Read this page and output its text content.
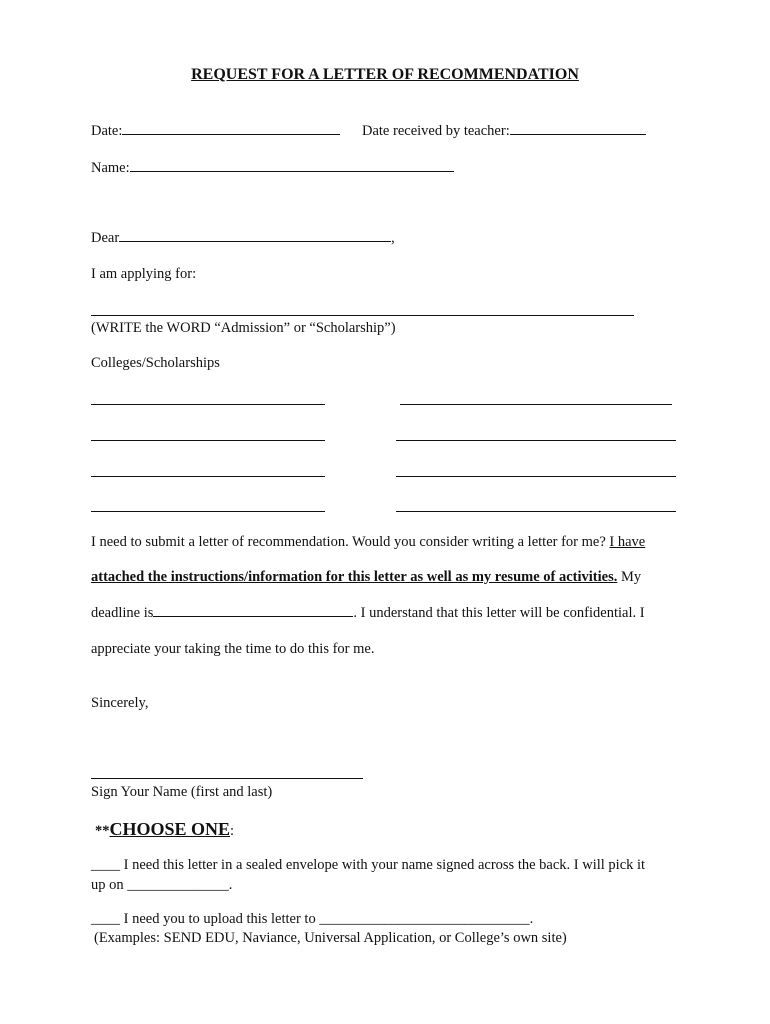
REQUEST FOR A LETTER OF RECOMMENDATION
Date:	Date received by teacher:
Name:
Dear	,
I am applying for:
(WRITE the WORD “Admission” or “Scholarship”)
Colleges/Scholarships
I need to submit a letter of recommendation. Would you consider writing a letter for me? I have
attached the instructions/information for this letter as well as my resume of activities. My
deadline is	. I understand that this letter will be confidential. I
appreciate your taking the time to do this for me.
Sincerely,
Sign Your Name (first and last)
**CHOOSE ONE:
____ I need this letter in a sealed envelope with your name signed across the back. I will pick it
up on ______________.
____ I need you to upload this letter to _____________________________.
(Examples: SEND EDU, Naviance, Universal Application, or College’s own site)
